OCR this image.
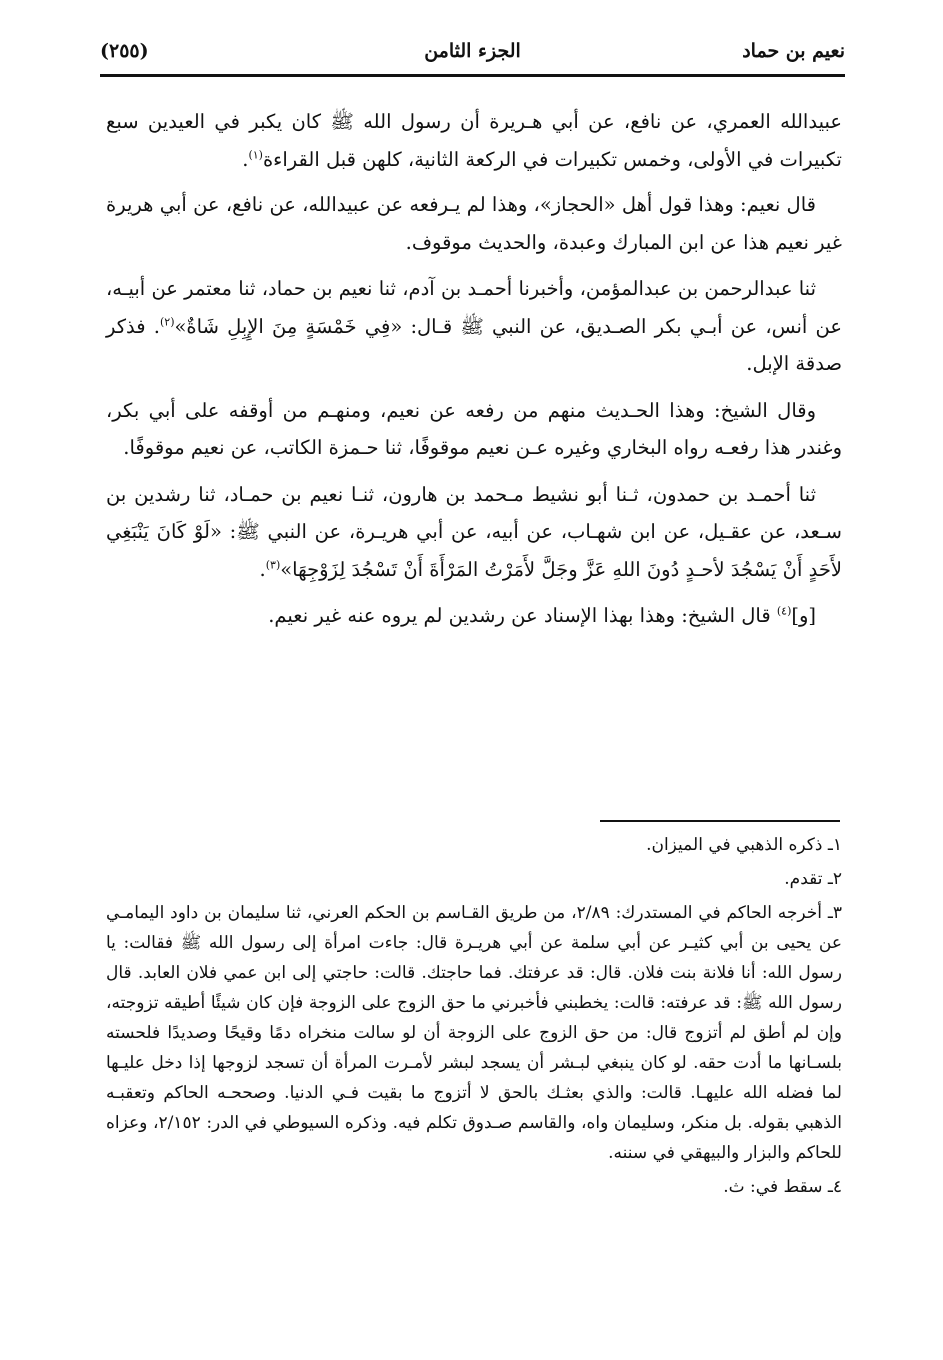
نعيم بن حماد
الجزء الثامن
(٢٥٥)

عبيدالله العمري، عن نافع، عن أبي هـريرة أن رسول الله ﷺ كان يكبر في العيدين سبع تكبيرات في الأولى، وخمس تكبيرات في الركعة الثانية، كلهن قبل القراءة$^{(١)}$.

قال نعيم: وهذا قول أهل «الحجاز»، وهذا لم يـرفعه عن عبيدالله، عن نافع، عن أبي هريرة غير نعيم هذا عن ابن المبارك وعبدة، والحديث موقوف.

ثنا عبدالرحمن بن عبدالمؤمن، وأخبرنا أحمـد بن آدم، ثنا نعيم بن حماد، ثنا معتمر عن أبيـه، عن أنس، عن أبـي بكر الصـديق، عن النبي ﷺ قـال: «فِي خَمْسَةٍ مِنَ الإِبِلِ شَاةٌ»$^{(٢)}$. فذكر صدقة الإبل.

وقال الشيخ: وهذا الحـديث منهم من رفعه عن نعيم، ومنهـم من أوقفه على أبي بكر، وغندر هذا رفعـه رواه البخاري وغيره عـن نعيم موقوفًا، ثنا حـمزة الكاتب، عن نعيم موقوفًا.

ثنا أحمـد بن حمدون، ثـنا أبو نشيط مـحمد بن هارون، ثنـا نعيم بن حمـاد، ثنا رشدين بن سـعد، عن عقـيل، عن ابن شهـاب، عن أبيه، عن أبي هريـرة، عن النبي ﷺ: «لَوْ كَانَ يَنْبَغِي لأَحَدٍ أَنْ يَسْجُدَ لأحـدٍ دُونَ اللهِ عَزَّ وجَلَّ لأَمَرْتُ المَرْأَةَ أَنْ تَسْجُدَ لِزَوْجِهَا»$^{(٣)}$.

[و]$^{(٤)}$ قال الشيخ: وهذا بهذا الإسناد عن رشدين لم يروه عنه غير نعيم.

١ـ ذكره الذهبي في الميزان.
٢ـ تقدم.
٣ـ أخرجه الحاكم في المستدرك: ٢/٨٩، من طريق القـاسم بن الحكم العرني، ثنا سليمان بن داود اليمامـي عن يحيى بن أبي كثيـر عن أبي سلمة عن أبي هريـرة قال: جاءت امرأة إلى رسول الله ﷺ فقالت: يا رسول الله: أنا فلانة بنت فلان. قال: قد عرفتك. فما حاجتك. قالت: حاجتي إلى ابن عمي فلان العابد. قال رسول الله ﷺ: قد عرفته: قالت: يخطبني فأخبرني ما حق الزوج على الزوجة فإن كان شيئًا أطيقه تزوجته، وإن لم أطق لم أتزوج قال: من حق الزوج على الزوجة أن لو سالت منخراه دمًا وقيحًا وصديدًا فلحسته بلسـانها ما أدت حقه. لو كان ينبغي لبـشر أن يسجد لبشر لأمـرت المرأة أن تسجد لزوجها إذا دخل عليـها لما فضله الله عليهـا. قالت: والذي بعثـك بالحق لا أتزوج ما بقيت فـي الدنيا. وصححـه الحاكم وتعقبـه الذهبي بقوله. بل منكر، وسليمان واه، والقاسم صـدوق تكلم فيه. وذكره السيوطي في الدر: ٢/١٥٢، وعزاه للحاكم والبزار والبيهقي في سننه.
٤ـ سقط في: ث.
